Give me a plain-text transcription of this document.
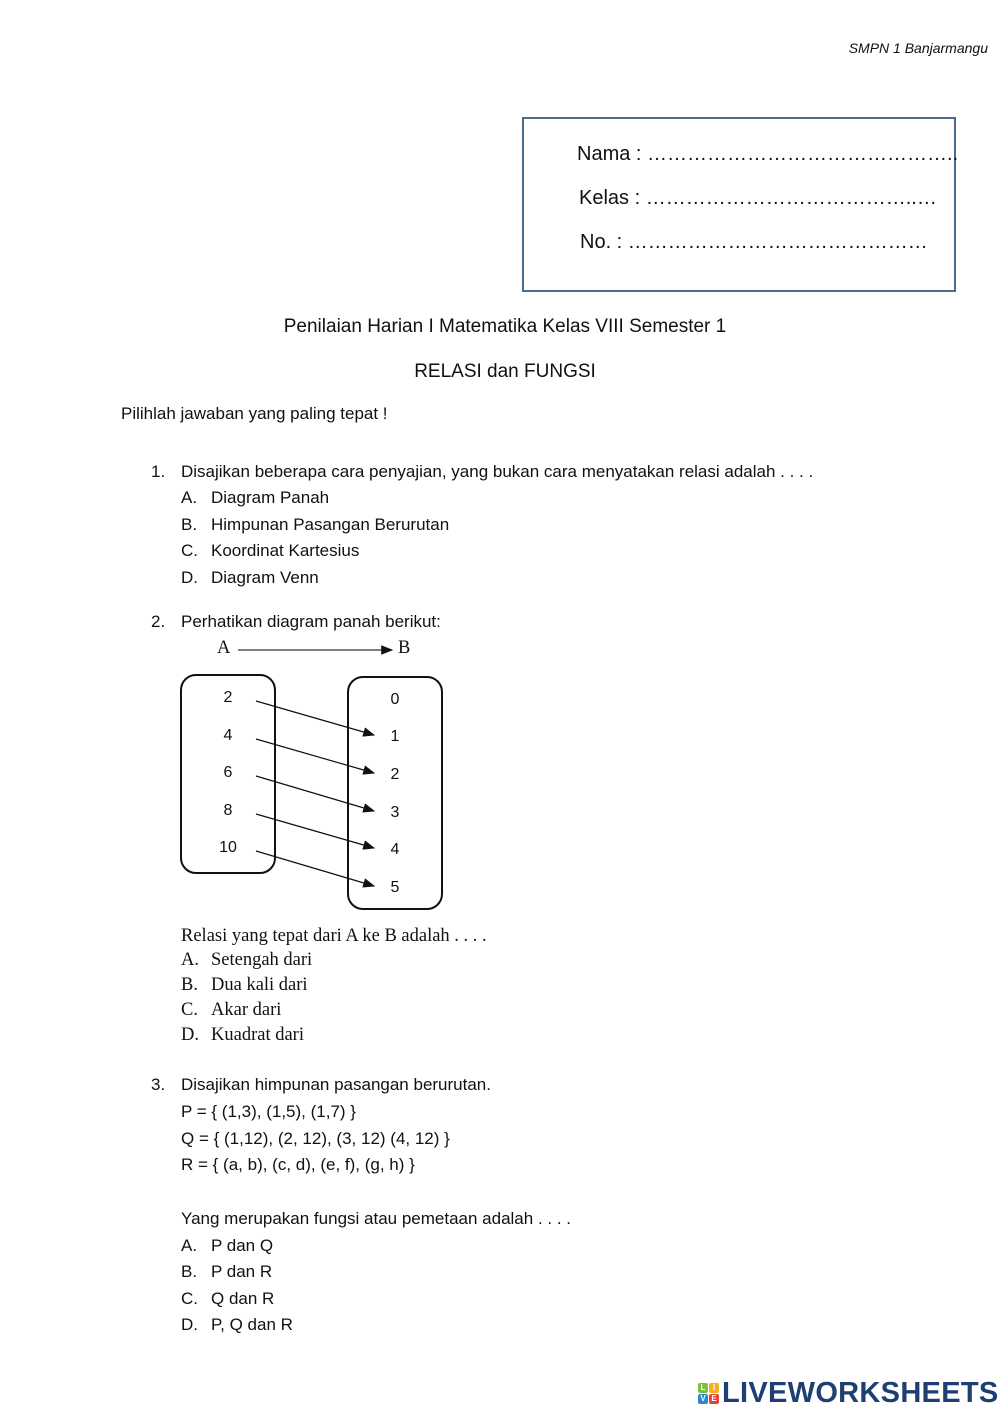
SMPN 1 Banjarmangu
Nama : ………………………………………..
Kelas : …………………………………..…
No. : ………………………………………
Penilaian Harian I Matematika Kelas VIII Semester 1
RELASI dan FUNGSI
Pilihlah jawaban yang paling tepat !
1. Disajikan beberapa cara penyajian, yang bukan cara menyatakan relasi adalah . . . .
A. Diagram Panah
B. Himpunan Pasangan Berurutan
C. Koordinat Kartesius
D. Diagram Venn
2. Perhatikan diagram panah berikut:
A	B
2
4
6
8
10
0
1
2
3
4
5
Relasi yang tepat dari A ke B adalah . . . .
A. Setengah dari
B. Dua kali dari
C. Akar dari
D. Kuadrat dari
3. Disajikan himpunan pasangan berurutan.
P = { (1,3), (1,5), (1,7) }
Q = { (1,12), (2, 12), (3, 12) (4, 12) }
R = { (a, b), (c, d), (e, f), (g, h) }
Yang merupakan fungsi atau pemetaan adalah . . . .
A. P dan Q
B. P dan R
C. Q dan R
D. P, Q dan R
L I
V E LIVEWORKSHEETS
